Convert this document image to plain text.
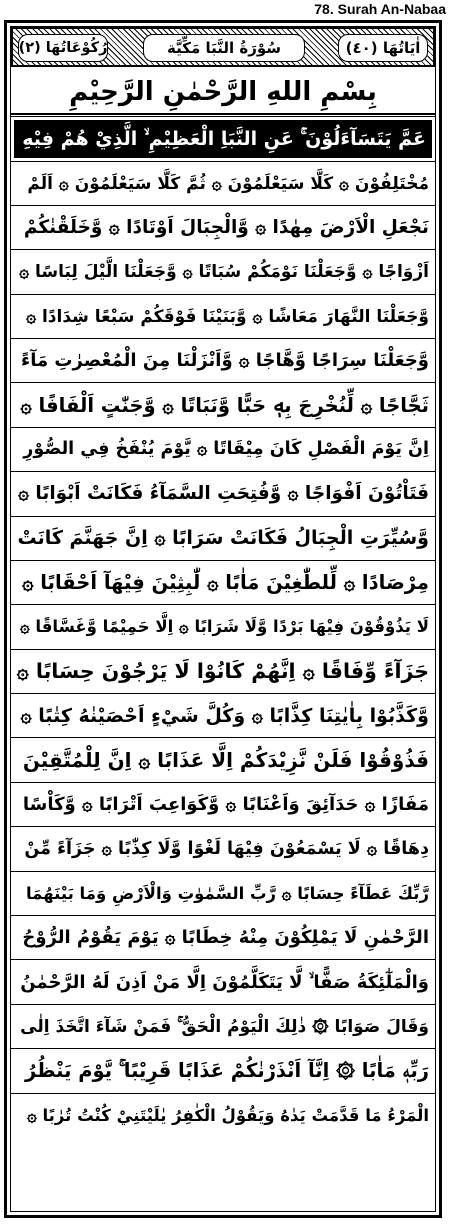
78. Surah An-Nabaa
رُكُوْعَاتُهَا (٢)	سُوْرَةُ النَّبَا مَكِّيَّة	اٰيَاتُهَا (٤٠)
بِسْمِ اللهِ الرَّحْمٰنِ الرَّحِيْمِ
عَمَّ يَتَسَآءَلُوْنَ ۚ عَنِ النَّبَاِ الْعَظِيْمِ ۙ الَّذِيْ هُمْ فِيْهِ
مُخْتَلِفُوْنَ ۞ كَلَّا سَيَعْلَمُوْنَ ۞ ثُمَّ كَلَّا سَيَعْلَمُوْنَ ۞ اَلَمْ
نَجْعَلِ الْاَرْضَ مِهٰدًا ۞ وَّالْجِبَالَ اَوْتَادًا ۞ وَّخَلَقْنٰكُمْ
اَزْوَاجًا ۞ وَّجَعَلْنَا نَوْمَكُمْ سُبَاتًا ۞ وَّجَعَلْنَا الَّيْلَ لِبَاسًا ۞
وَّجَعَلْنَا النَّهَارَ مَعَاشًا ۞ وَّبَنَيْنَا فَوْقَكُمْ سَبْعًا شِدَادًا ۞
وَّجَعَلْنَا سِرَاجًا وَّهَّاجًا ۞ وَّاَنْزَلْنَا مِنَ الْمُعْصِرٰتِ مَآءً
ثَجَّاجًا ۞ لِّنُخْرِجَ بِهٖ حَبًّا وَّنَبَاتًا ۞ وَّجَنّٰتٍ اَلْفَافًا ۞
اِنَّ يَوْمَ الْفَصْلِ كَانَ مِيْقَاتًا ۞ يَّوْمَ يُنْفَخُ فِي الصُّوْرِ
فَتَاْتُوْنَ اَفْوَاجًا ۞ وَّفُتِحَتِ السَّمَآءُ فَكَانَتْ اَبْوَابًا ۞
وَّسُيِّرَتِ الْجِبَالُ فَكَانَتْ سَرَابًا ۞ اِنَّ جَهَنَّمَ كَانَتْ
مِرْصَادًا ۞ لِّلطّٰغِيْنَ مَاٰبًا ۞ لّٰبِثِيْنَ فِيْهَآ اَحْقَابًا ۞
لَا يَذُوْقُوْنَ فِيْهَا بَرْدًا وَّلَا شَرَابًا ۞ اِلَّا حَمِيْمًا وَّغَسَّاقًا ۞
جَزَآءً وِّفَاقًا ۞ اِنَّهُمْ كَانُوْا لَا يَرْجُوْنَ حِسَابًا ۞
وَّكَذَّبُوْا بِاٰيٰتِنَا كِذَّابًا ۞ وَكُلَّ شَيْءٍ اَحْصَيْنٰهُ كِتٰبًا ۞
فَذُوْقُوْا فَلَنْ نَّزِيْدَكُمْ اِلَّا عَذَابًا ۞ اِنَّ لِلْمُتَّقِيْنَ
مَفَازًا ۞ حَدَآئِقَ وَاَعْنَابًا ۞ وَّكَوَاعِبَ اَتْرَابًا ۞ وَّكَاْسًا
دِهَاقًا ۞ لَا يَسْمَعُوْنَ فِيْهَا لَغْوًا وَّلَا كِذّٰبًا ۞ جَزَآءً مِّنْ
رَّبِّكَ عَطَآءً حِسَابًا ۞ رَّبِّ السَّمٰوٰتِ وَالْاَرْضِ وَمَا بَيْنَهُمَا
الرَّحْمٰنِ لَا يَمْلِكُوْنَ مِنْهُ خِطَابًا ۞ يَوْمَ يَقُوْمُ الرُّوْحُ
وَالْمَلٰٓئِكَةُ صَفًّا ۙ لَّا يَتَكَلَّمُوْنَ اِلَّا مَنْ اَذِنَ لَهُ الرَّحْمٰنُ
وَقَالَ صَوَابًا ۞ ذٰلِكَ الْيَوْمُ الْحَقُّ ۚ فَمَنْ شَآءَ اتَّخَذَ اِلٰى
رَبِّهٖ مَاٰبًا ۞ اِنَّآ اَنْذَرْنٰكُمْ عَذَابًا قَرِيْبًا ۚ يَّوْمَ يَنْظُرُ
الْمَرْءُ مَا قَدَّمَتْ يَدٰهُ وَيَقُوْلُ الْكٰفِرُ يٰلَيْتَنِيْ كُنْتُ تُرٰبًا ۞
